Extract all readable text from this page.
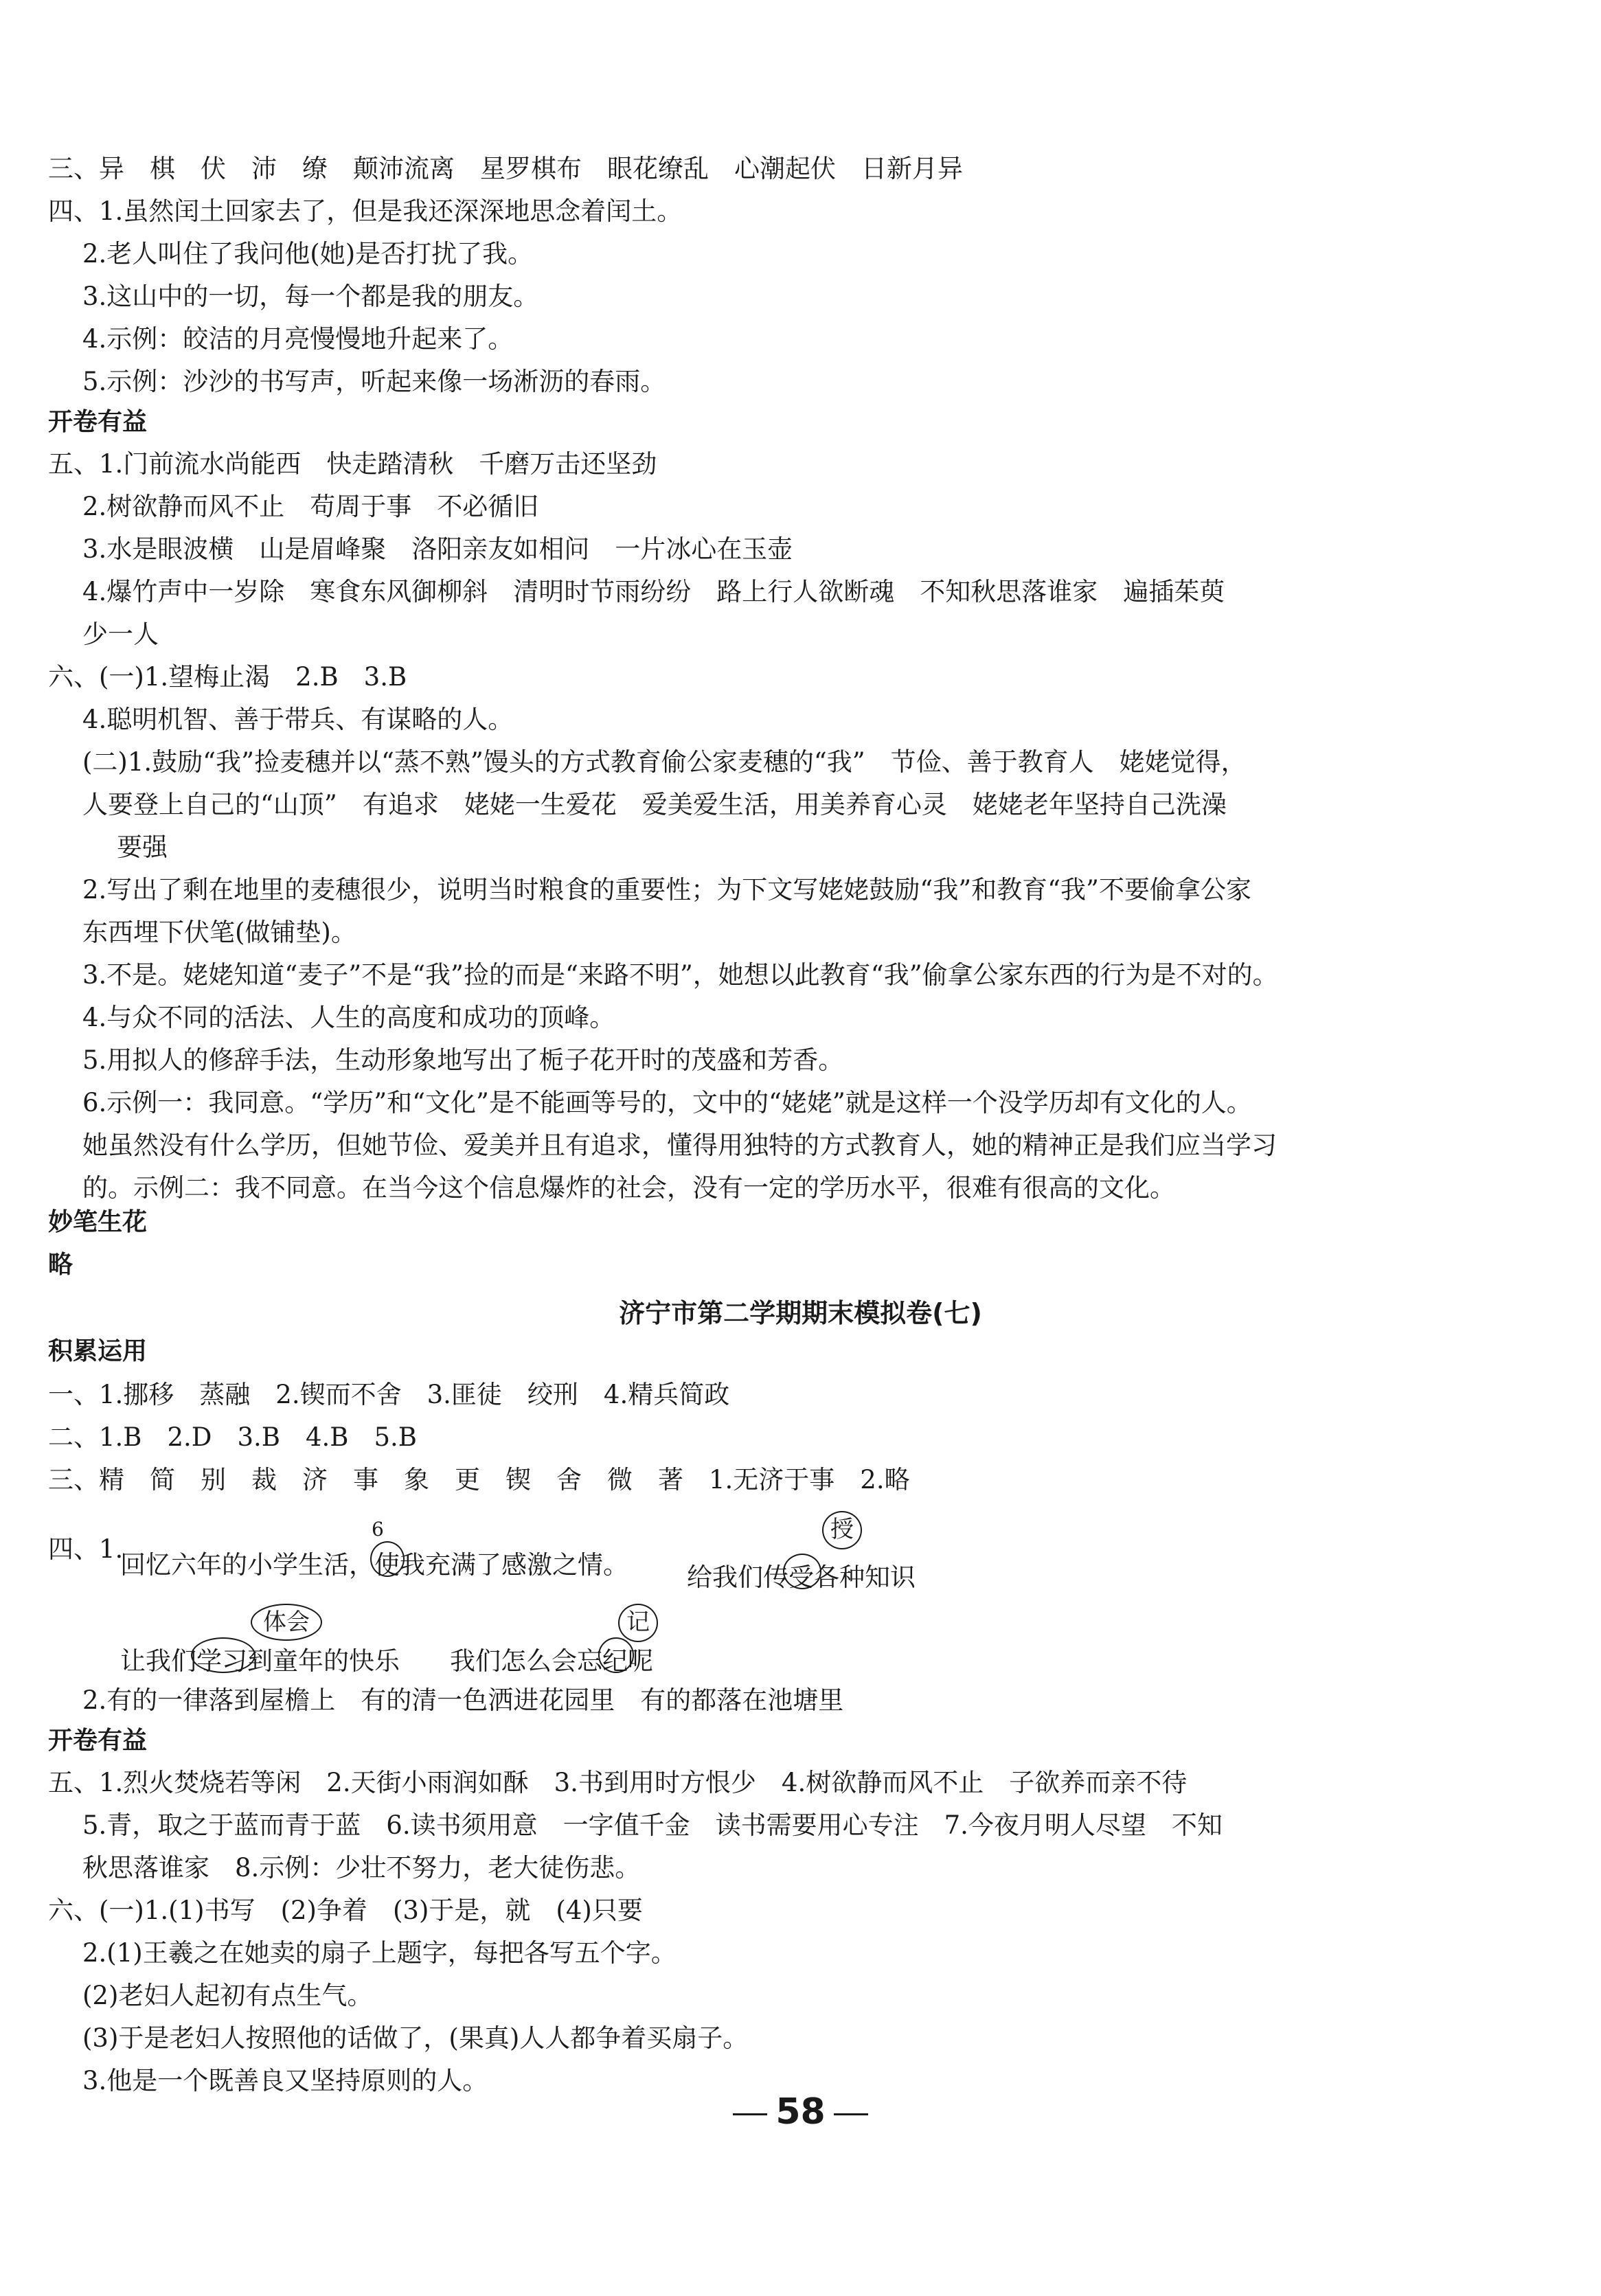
三、异　棋　伏　沛　缭　颠沛流离　星罗棋布　眼花缭乱　心潮起伏　日新月异
四、1.虽然闰土回家去了，但是我还深深地思念着闰土。
2.老人叫住了我问他(她)是否打扰了我。
3.这山中的一切，每一个都是我的朋友。
4.示例：皎洁的月亮慢慢地升起来了。
5.示例：沙沙的书写声，听起来像一场淅沥的春雨。
开卷有益
五、1.门前流水尚能西　快走踏清秋　千磨万击还坚劲
2.树欲静而风不止　苟周于事　不必循旧
3.水是眼波横　山是眉峰聚　洛阳亲友如相问　一片冰心在玉壶
4.爆竹声中一岁除　寒食东风御柳斜　清明时节雨纷纷　路上行人欲断魂　不知秋思落谁家　遍插茱萸
少一人
六、(一)1.望梅止渴　2.B　3.B
4.聪明机智、善于带兵、有谋略的人。
(二)1.鼓励“我”捡麦穗并以“蒸不熟”馒头的方式教育偷公家麦穗的“我”　节俭、善于教育人　姥姥觉得，
人要登上自己的“山顶”　有追求　姥姥一生爱花　爱美爱生活，用美养育心灵　姥姥老年坚持自己洗澡
要强
2.写出了剩在地里的麦穗很少，说明当时粮食的重要性；为下文写姥姥鼓励“我”和教育“我”不要偷拿公家
东西埋下伏笔(做铺垫)。
3.不是。姥姥知道“麦子”不是“我”捡的而是“来路不明”，她想以此教育“我”偷拿公家东西的行为是不对的。
4.与众不同的活法、人生的高度和成功的顶峰。
5.用拟人的修辞手法，生动形象地写出了栀子花开时的茂盛和芳香。
6.示例一：我同意。“学历”和“文化”是不能画等号的，文中的“姥姥”就是这样一个没学历却有文化的人。
她虽然没有什么学历，但她节俭、爱美并且有追求，懂得用独特的方式教育人，她的精神正是我们应当学习
的。示例二：我不同意。在当今这个信息爆炸的社会，没有一定的学历水平，很难有很高的文化。
妙笔生花
略
济宁市第二学期期末模拟卷(七)
积累运用
一、1.挪移　蒸融　2.锲而不舍　3.匪徒　绞刑　4.精兵简政
二、1.B　2.D　3.B　4.B　5.B
三、精　简　别　裁　济　事　象　更　锲　舍　微　著　1.无济于事　2.略
2.有的一律落到屋檐上　有的清一色洒进花园里　有的都落在池塘里
开卷有益
五、1.烈火焚烧若等闲　2.天街小雨润如酥　3.书到用时方恨少　4.树欲静而风不止　子欲养而亲不待
5.青，取之于蓝而青于蓝　6.读书须用意　一字值千金　读书需要用心专注　7.今夜月明人尽望　不知
秋思落谁家　8.示例：少壮不努力，老大徒伤悲。
六、(一)1.(1)书写　(2)争着　(3)于是，就　(4)只要
2.(1)王羲之在她卖的扇子上题字，每把各写五个字。
(2)老妇人起初有点生气。
(3)于是老妇人按照他的话做了，(果真)人人都争着买扇子。
3.他是一个既善良又坚持原则的人。
四、1.
回忆六年的小学生活，使
6
我充满了感激之情。 给我们传受
各种知识
授
让我们学习
到童年的快乐
体会
我们怎么会忘纪
呢
记
58
